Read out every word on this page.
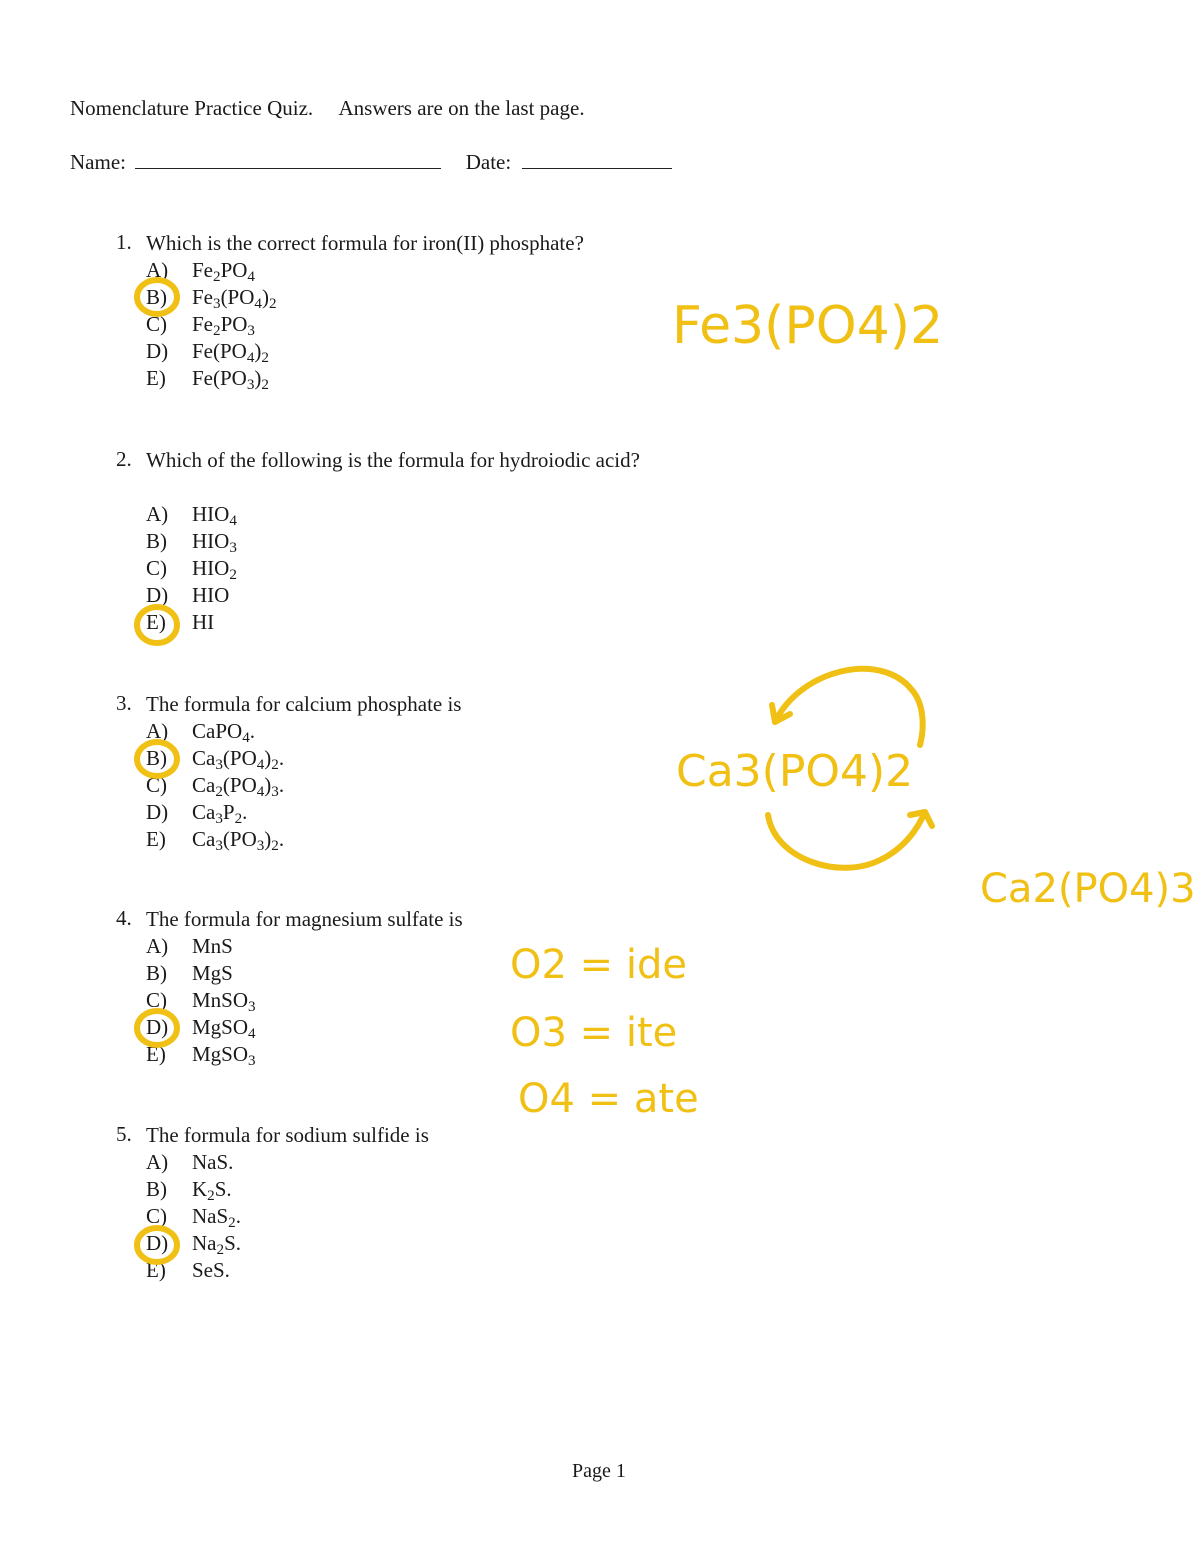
Nomenclature Practice Quiz. Answers are on the last page.
Name:	Date:
1. Which is the correct formula for iron(II) phosphate?
A) $Fe_2PO_4$
B) $Fe_3(PO_4)_2$
C) $Fe_2PO_3$
D) $Fe(PO_4)_2$
E) $Fe(PO_3)_2$
2. Which of the following is the formula for hydroiodic acid?
A) $HIO_4$
B) $HIO_3$
C) $HIO_2$
D) HIO
E) HI
3. The formula for calcium phosphate is
A) CaPO$_4$.
B) $Ca_3(PO_4)_2$.
C) $Ca_2(PO_4)_3$.
D) $Ca_3P_2$.
E) $Ca_3(PO_3)_2$.
4. The formula for magnesium sulfate is
A) MnS
B) MgS
C) MnSO$_3$
D) MgSO$_4$
E) MgSO$_3$
5. The formula for sodium sulfide is
A) NaS.
B) $K_2S$.
C) NaS$_2$.
D) $Na_2S$.
E) SeS.
Fe3(PO4)2
Ca3(PO4)2
Ca2(PO4)3
O2 = ide
O3 = ite
O4 = ate
Page 1
